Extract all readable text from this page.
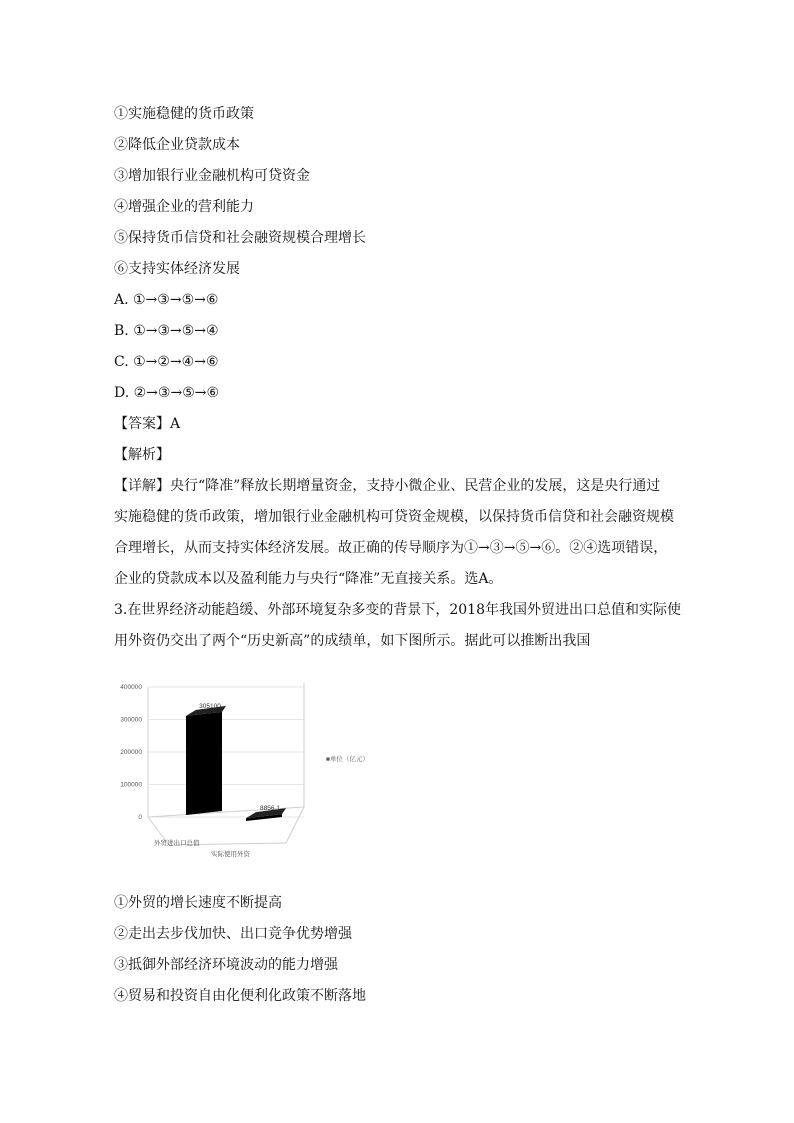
①实施稳健的货币政策
②降低企业贷款成本
③增加银行业金融机构可贷资金
④增强企业的营利能力
⑤保持货币信贷和社会融资规模合理增长
⑥支持实体经济发展
A. ①→③→⑤→⑥
B. ①→③→⑤→④
C. ①→②→④→⑥
D. ②→③→⑤→⑥
【答案】A
【解析】
【详解】央行“降准”释放长期增量资金，支持小微企业、民营企业的发展，这是央行通过
实施稳健的货币政策，增加银行业金融机构可贷资金规模，以保持货币信贷和社会融资规模
合理增长，从而支持实体经济发展。故正确的传导顺序为①→③→⑤→⑥。②④选项错误，
企业的贷款成本以及盈利能力与央行“降准”无直接关系。选A。
3.在世界经济动能趋缓、外部环境复杂多变的背景下，2018年我国外贸进出口总值和实际使
用外资仍交出了两个“历史新高”的成绩单，如下图所示。据此可以推断出我国
400000
300000
200000
100000
0
305100
8856.1
外贸进出口总值
实际使用外资
■单位（亿元）
①外贸的增长速度不断提高
②走出去步伐加快、出口竞争优势增强
③抵御外部经济环境波动的能力增强
④贸易和投资自由化便利化政策不断落地
